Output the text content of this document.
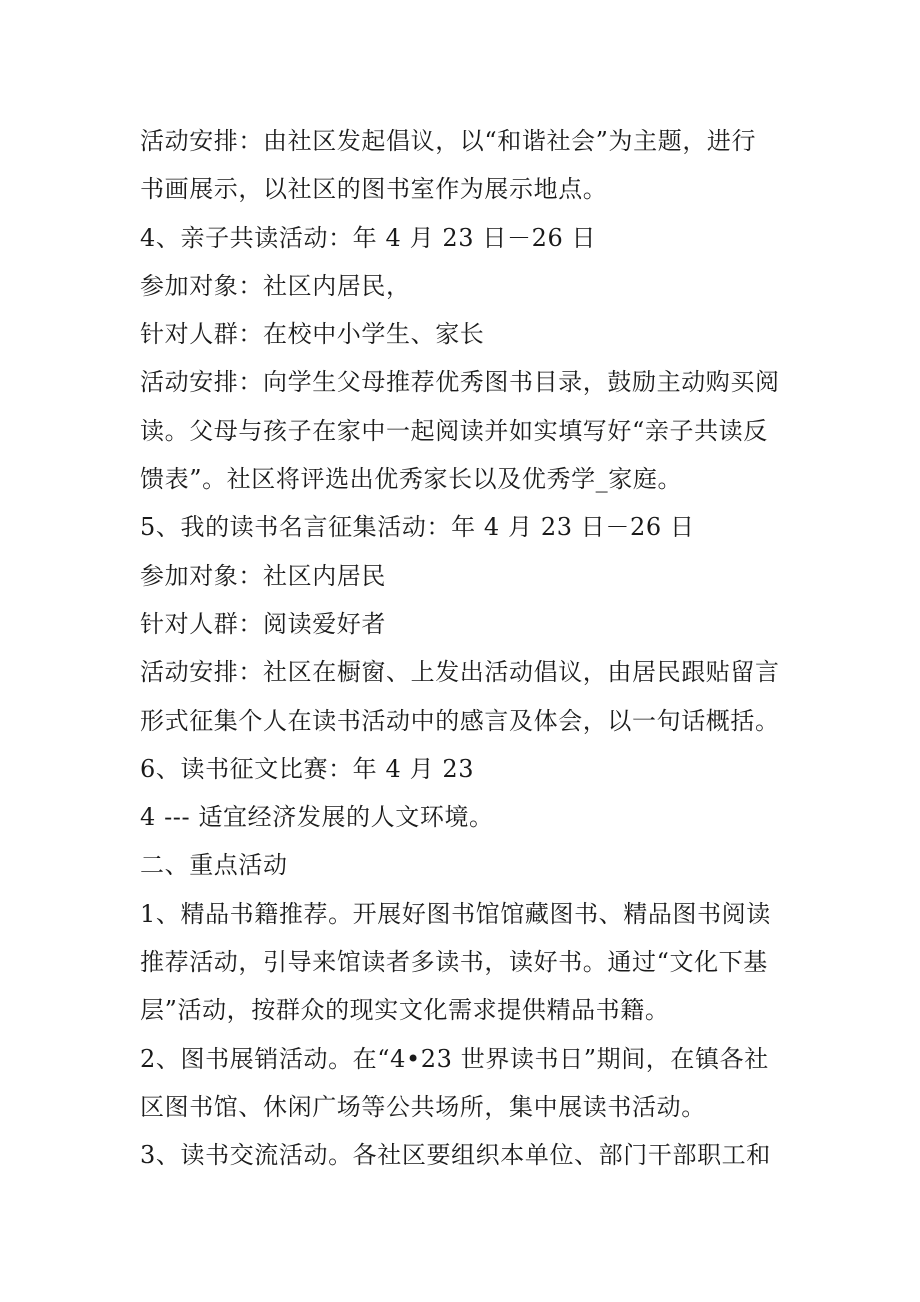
活动安排：由社区发起倡议，以“和谐社会”为主题，进行
书画展示，以社区的图书室作为展示地点。
4、亲子共读活动：年 4 月 23 日－26 日
参加对象：社区内居民，
针对人群：在校中小学生、家长
活动安排：向学生父母推荐优秀图书目录，鼓励主动购买阅
读。父母与孩子在家中一起阅读并如实填写好“亲子共读反
馈表”。社区将评选出优秀家长以及优秀学_家庭。
5、我的读书名言征集活动：年 4 月 23 日－26 日
参加对象：社区内居民
针对人群：阅读爱好者
活动安排：社区在橱窗、上发出活动倡议，由居民跟贴留言
形式征集个人在读书活动中的感言及体会，以一句话概括。
6、读书征文比赛：年 4 月 23
4 --- 适宜经济发展的人文环境。
二、重点活动
1、精品书籍推荐。开展好图书馆馆藏图书、精品图书阅读
推荐活动，引导来馆读者多读书，读好书。通过“文化下基
层”活动，按群众的现实文化需求提供精品书籍。
2、图书展销活动。在“4•23 世界读书日”期间，在镇各社
区图书馆、休闲广场等公共场所，集中展读书活动。
3、读书交流活动。各社区要组织本单位、部门干部职工和
